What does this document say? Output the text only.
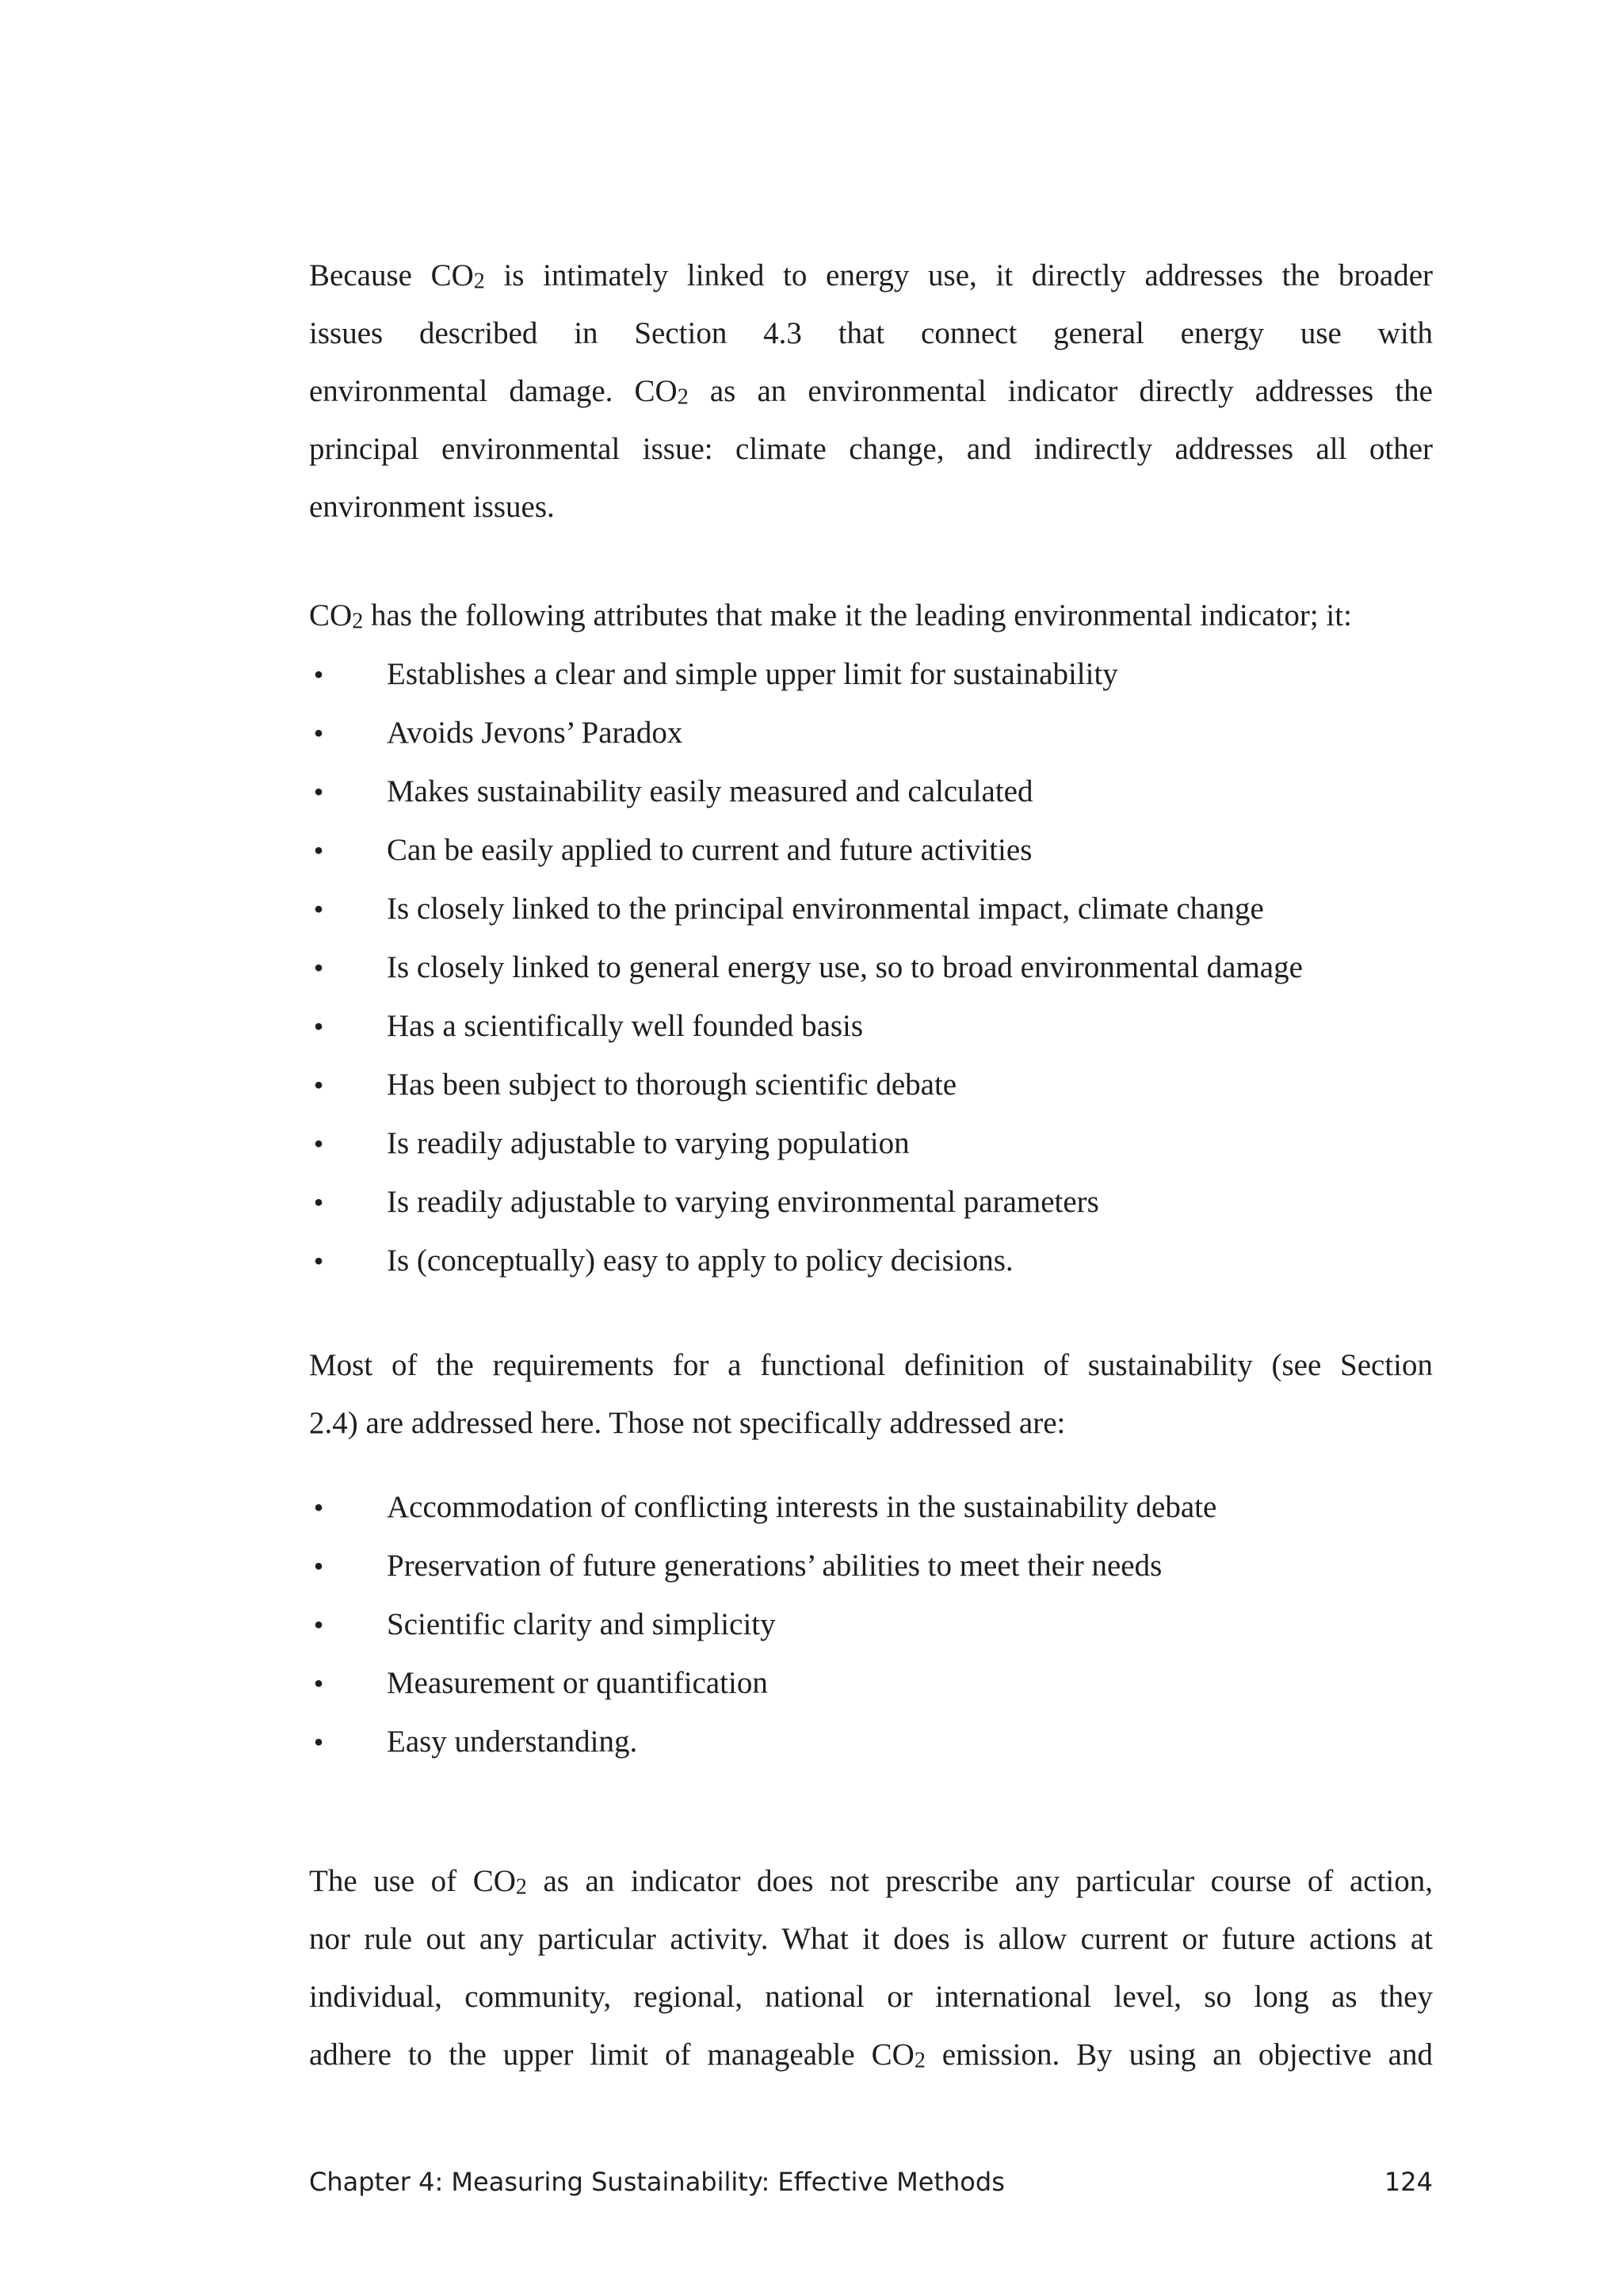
Because $CO_2$ is intimately linked to energy use, it directly addresses the broader
issues described in Section 4.3 that connect general energy use with
environmental damage. $CO_2$ as an environmental indicator directly addresses the
principal environmental issue: climate change, and indirectly addresses all other
environment issues.
$CO_2$ has the following attributes that make it the leading environmental indicator; it:
• Establishes a clear and simple upper limit for sustainability
• Avoids Jevons’ Paradox
• Makes sustainability easily measured and calculated
• Can be easily applied to current and future activities
• Is closely linked to the principal environmental impact, climate change
• Is closely linked to general energy use, so to broad environmental damage
• Has a scientifically well founded basis
• Has been subject to thorough scientific debate
• Is readily adjustable to varying population
• Is readily adjustable to varying environmental parameters
• Is (conceptually) easy to apply to policy decisions.
Most of the requirements for a functional definition of sustainability (see Section
2.4) are addressed here. Those not specifically addressed are:
• Accommodation of conflicting interests in the sustainability debate
• Preservation of future generations’ abilities to meet their needs
• Scientific clarity and simplicity
• Measurement or quantification
• Easy understanding.
The use of $CO_2$ as an indicator does not prescribe any particular course of action,
nor rule out any particular activity. What it does is allow current or future actions at
individual, community, regional, national or international level, so long as they
adhere to the upper limit of manageable $CO_2$ emission. By using an objective and
Chapter 4: Measuring Sustainability: Effective Methods	124
